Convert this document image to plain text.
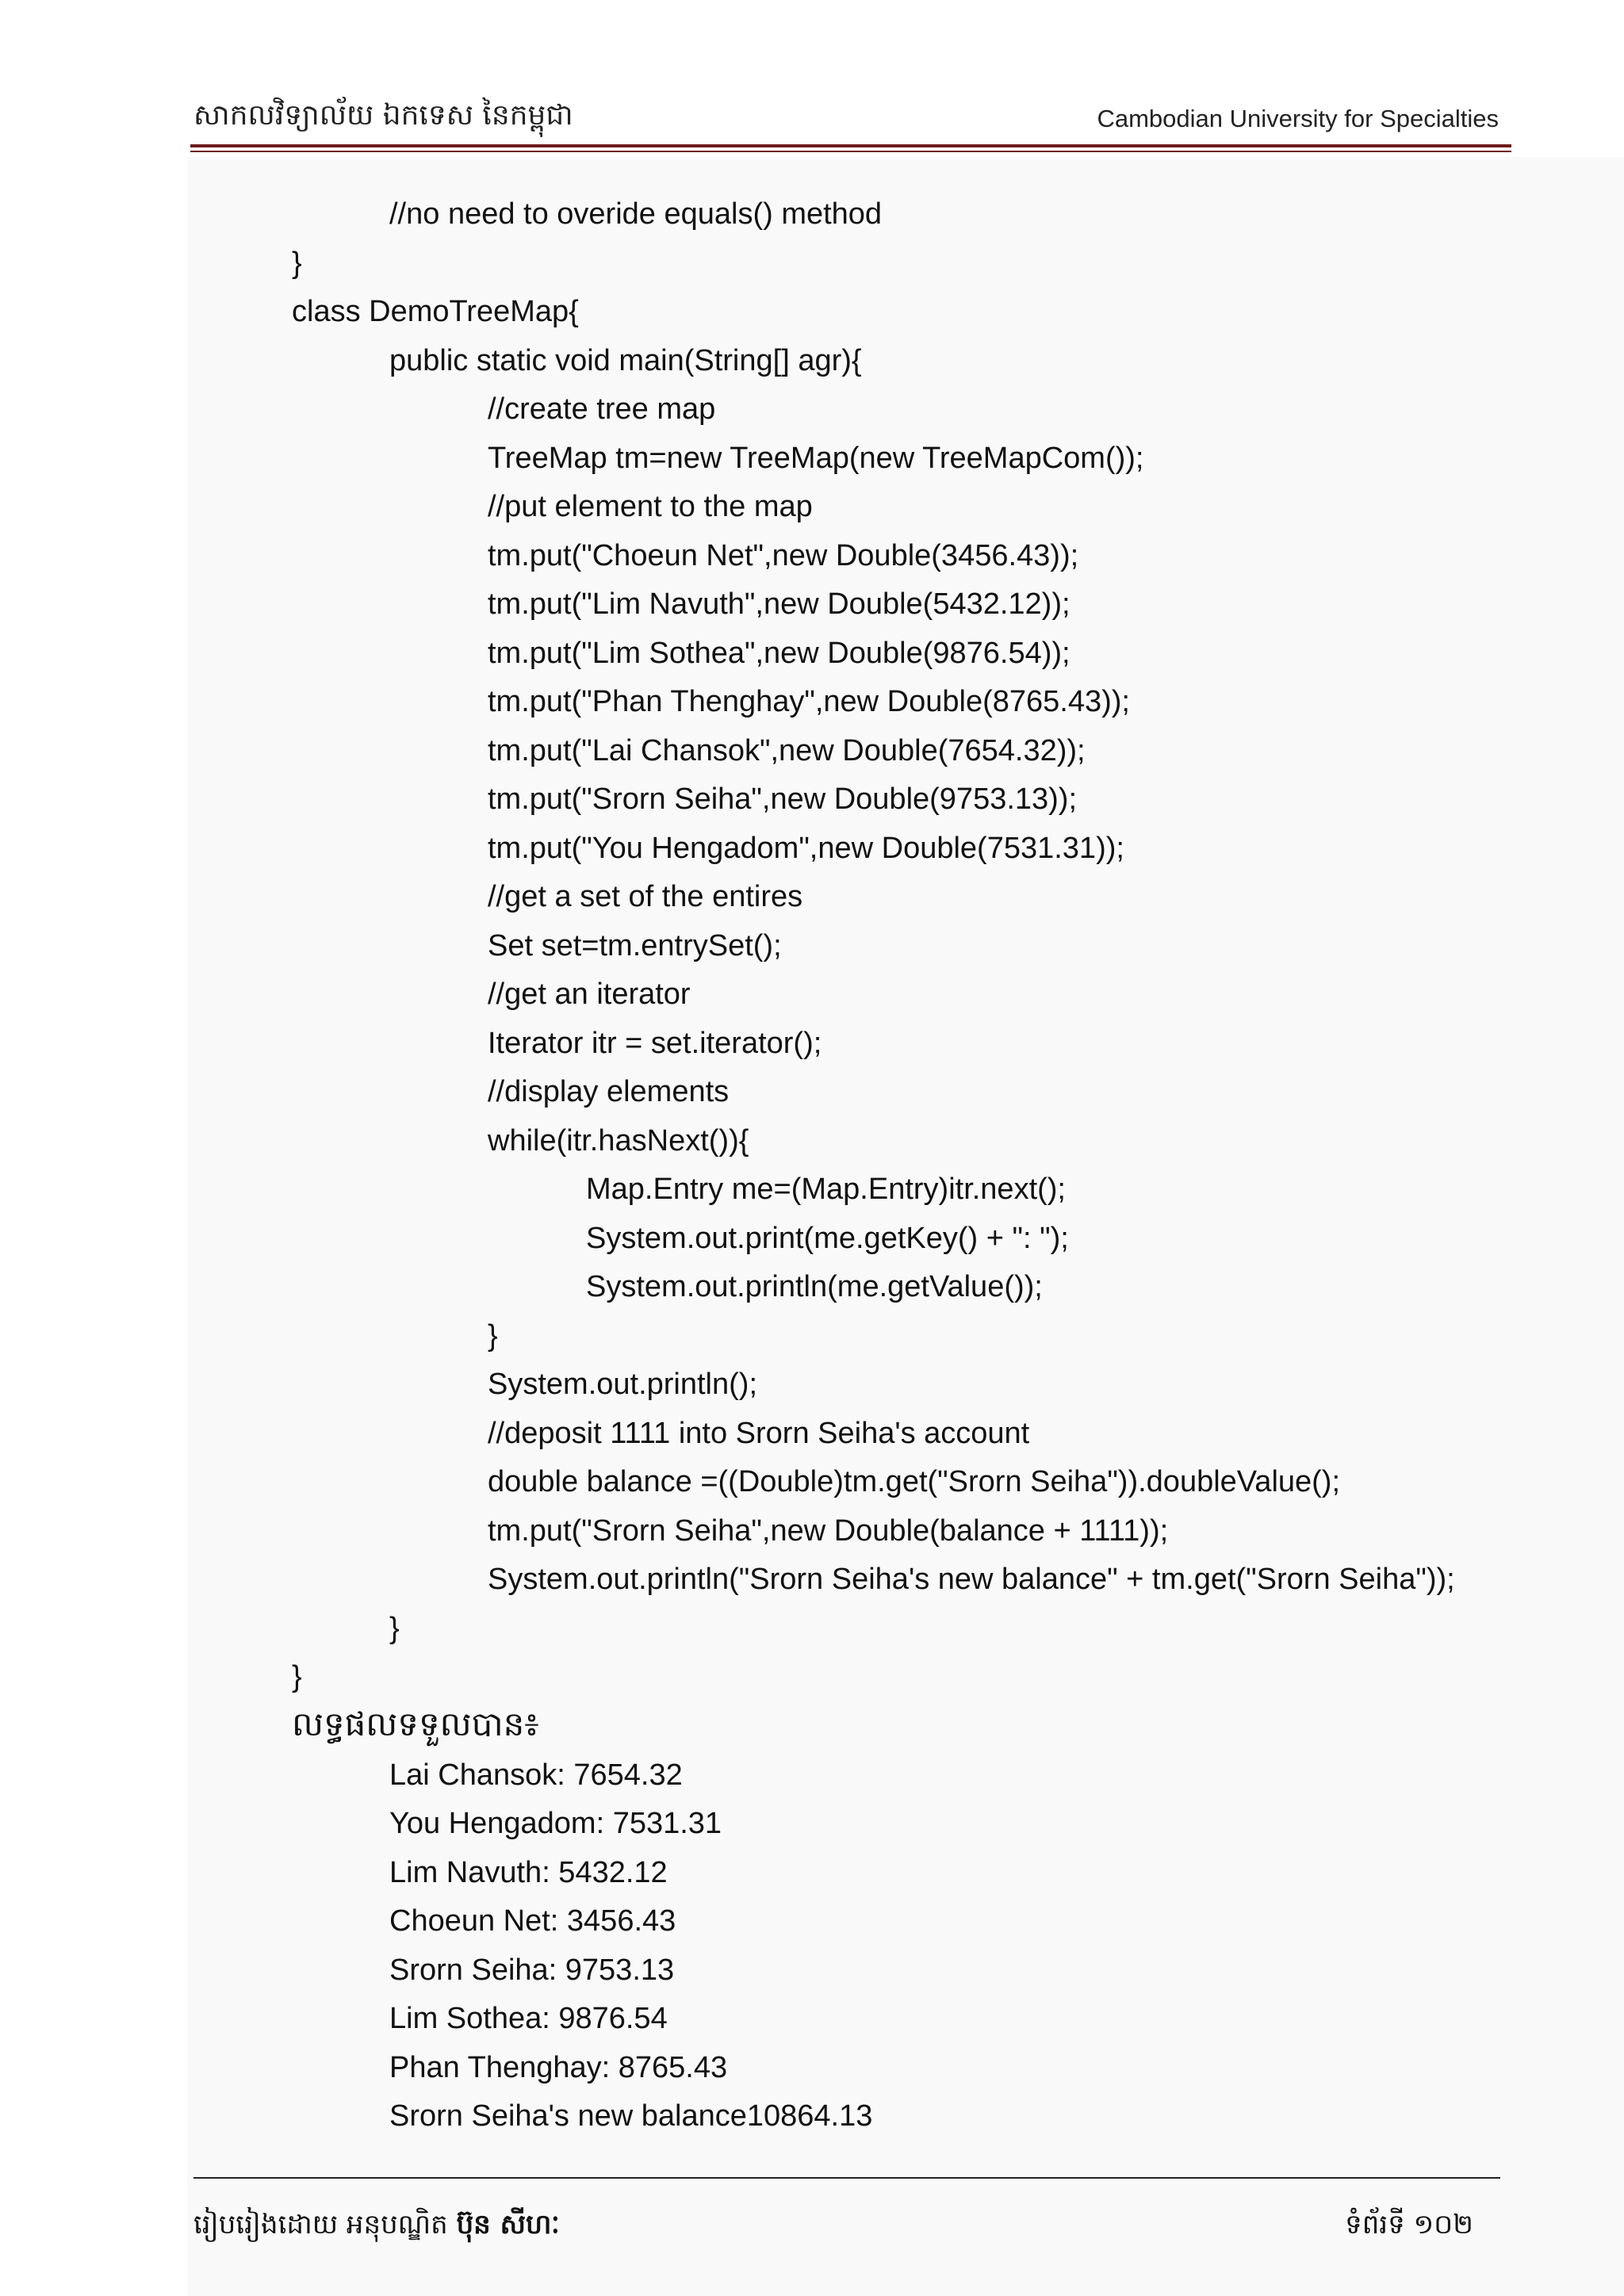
សាកលវិទ្យាល័យ ឯកទេស នៃកម្ពុជា	Cambodian University for Specialties
//no need to overide equals() method
}
class DemoTreeMap{
public static void main(String[] agr){
//create tree map
TreeMap tm=new TreeMap(new TreeMapCom());
//put element to the map
tm.put("Choeun Net",new Double(3456.43));
tm.put("Lim Navuth",new Double(5432.12));
tm.put("Lim Sothea",new Double(9876.54));
tm.put("Phan Thenghay",new Double(8765.43));
tm.put("Lai Chansok",new Double(7654.32));
tm.put("Srorn Seiha",new Double(9753.13));
tm.put("You Hengadom",new Double(7531.31));
//get a set of the entires
Set set=tm.entrySet();
//get an iterator
Iterator itr = set.iterator();
//display elements
while(itr.hasNext()){
Map.Entry me=(Map.Entry)itr.next();
System.out.print(me.getKey() + ": ");
System.out.println(me.getValue());
}
System.out.println();
//deposit 1111 into Srorn Seiha's account
double balance =((Double)tm.get("Srorn Seiha")).doubleValue();
tm.put("Srorn Seiha",new Double(balance + 1111));
System.out.println("Srorn Seiha's new balance" + tm.get("Srorn Seiha"));
}
}
លទ្ធផលទទួលបាន៖
Lai Chansok: 7654.32
You Hengadom: 7531.31
Lim Navuth: 5432.12
Choeun Net: 3456.43
Srorn Seiha: 9753.13
Lim Sothea: 9876.54
Phan Thenghay: 8765.43
Srorn Seiha's new balance10864.13
រៀបរៀងដោយ អនុបណ្ឌិត ប៊ុន សីហៈ	ទំព័រទី ១០២
